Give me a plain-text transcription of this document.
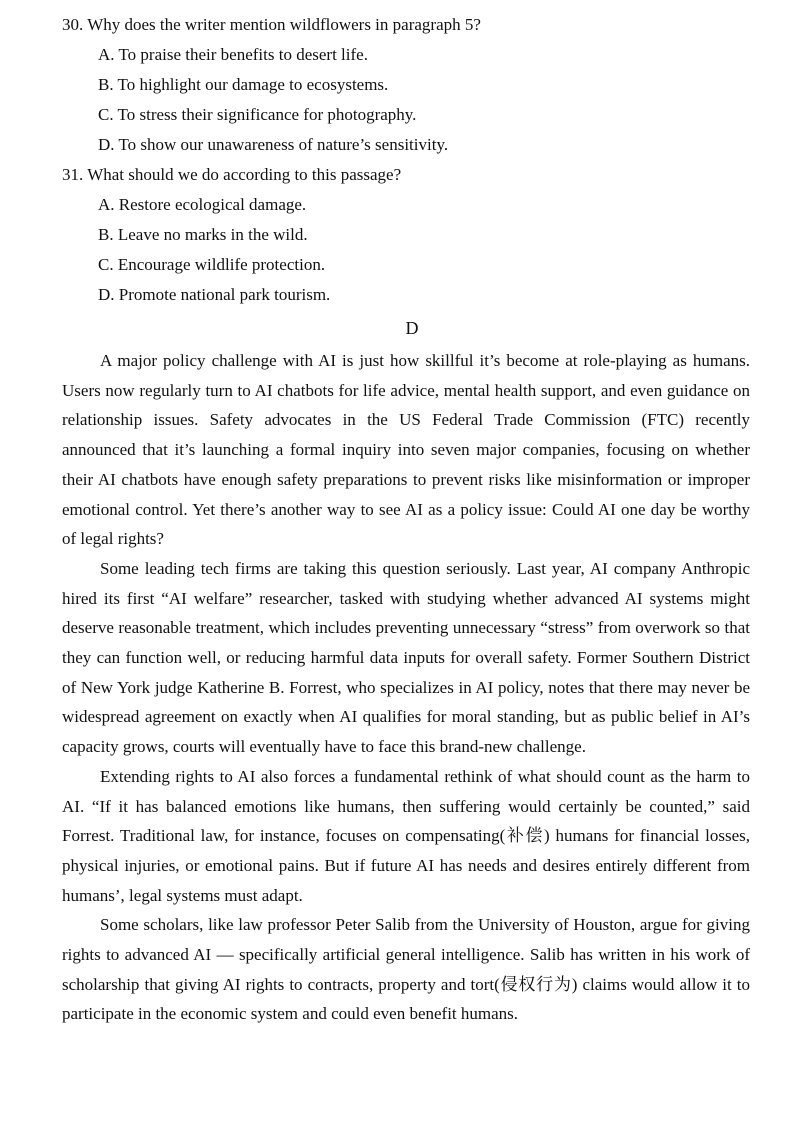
30. Why does the writer mention wildflowers in paragraph 5?

A. To praise their benefits to desert life.
B. To highlight our damage to ecosystems.
C. To stress their significance for photography.
D. To show our unawareness of nature’s sensitivity.

31. What should we do according to this passage?

A. Restore ecological damage.
B. Leave no marks in the wild.
C. Encourage wildlife protection.
D. Promote national park tourism.
D

A major policy challenge with AI is just how skillful it’s become at role-playing as humans. Users now regularly turn to AI chatbots for life advice, mental health support, and even guidance on relationship issues. Safety advocates in the US Federal Trade Commission (FTC) recently announced that it’s launching a formal inquiry into seven major companies, focusing on whether their AI chatbots have enough safety preparations to prevent risks like misinformation or improper emotional control. Yet there’s another way to see AI as a policy issue: Could AI one day be worthy of legal rights?

Some leading tech firms are taking this question seriously. Last year, AI company Anthropic hired its first “AI welfare” researcher, tasked with studying whether advanced AI systems might deserve reasonable treatment, which includes preventing unnecessary “stress” from overwork so that they can function well, or reducing harmful data inputs for overall safety. Former Southern District of New York judge Katherine B. Forrest, who specializes in AI policy, notes that there may never be widespread agreement on exactly when AI qualifies for moral standing, but as public belief in AI’s capacity grows, courts will eventually have to face this brand-new challenge.

Extending rights to AI also forces a fundamental rethink of what should count as the harm to AI. “If it has balanced emotions like humans, then suffering would certainly be counted,” said Forrest. Traditional law, for instance, focuses on compensating(补偿) humans for financial losses, physical injuries, or emotional pains. But if future AI has needs and desires entirely different from humans’, legal systems must adapt.

Some scholars, like law professor Peter Salib from the University of Houston, argue for giving rights to advanced AI — specifically artificial general intelligence. Salib has written in his work of scholarship that giving AI rights to contracts, property and tort(侵权行为) claims would allow it to participate in the economic system and could even benefit humans.
